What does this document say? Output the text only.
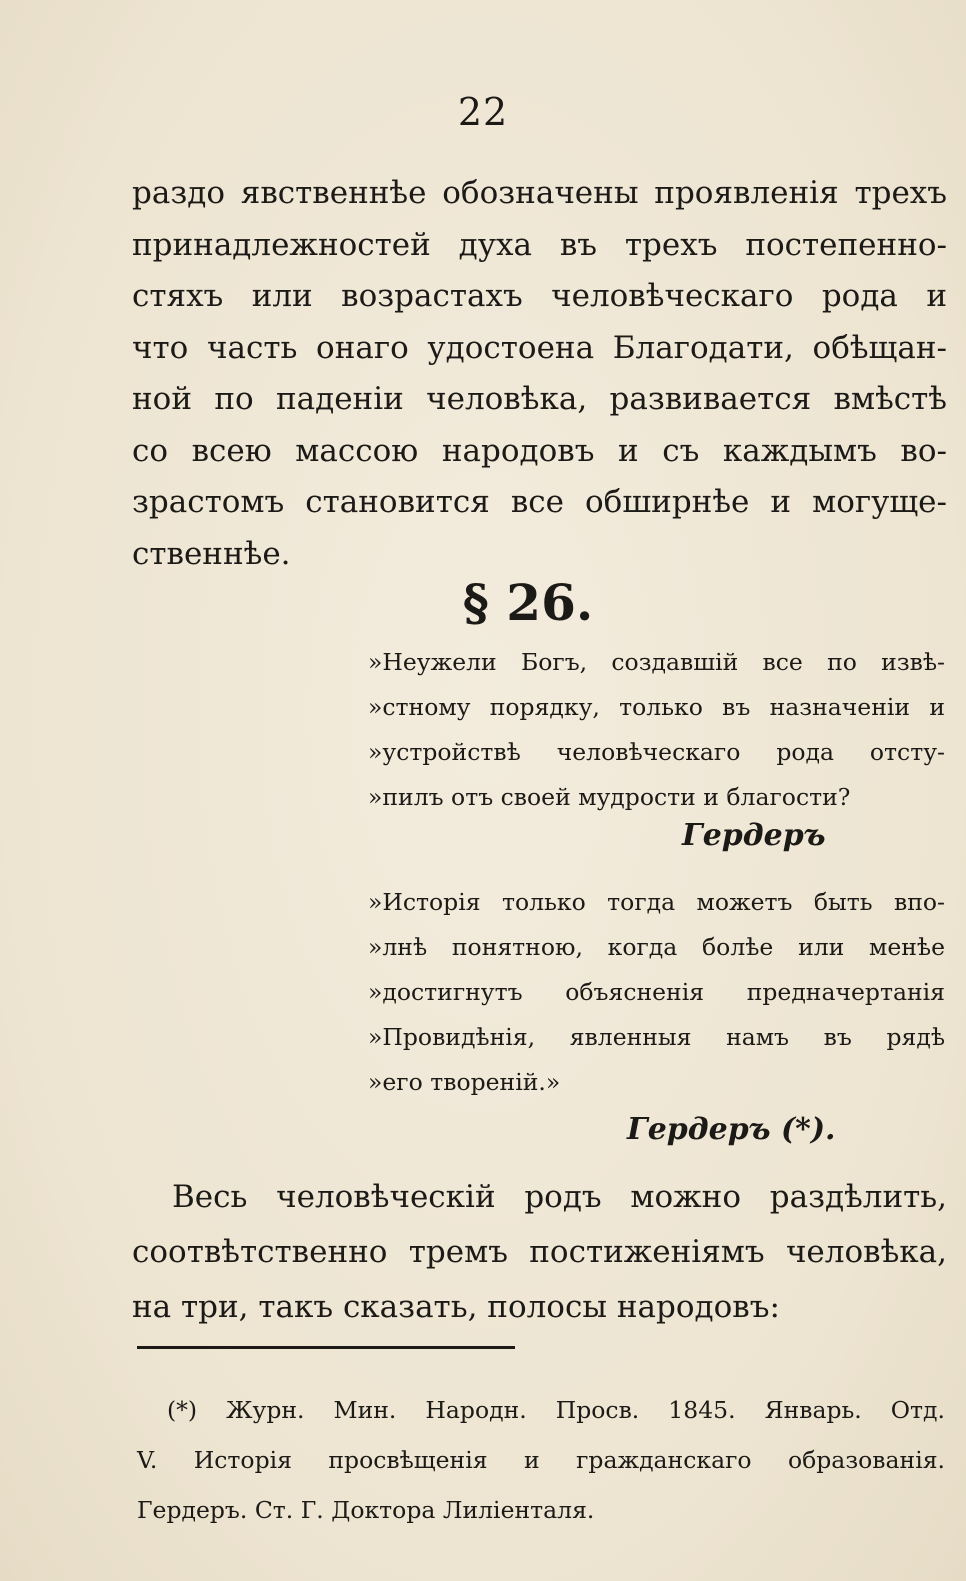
22
раздо явственнѣе обозначены проявленія трехъ
принадлежностей духа въ трехъ постепенно-
стяхъ или возрастахъ человѣческаго рода и
что часть онаго удостоена Благодати, обѣщан-
ной по паденіи человѣка, развивается вмѣстѣ
со всею массою народовъ и съ каждымъ во-
зрастомъ становится все обширнѣе и могуще-
ственнѣе.
§ 26.
»Неужели Богъ, создавшій все по извѣ-
»стному порядку, только въ назначеніи и
»устройствѣ человѣческаго рода отсту-
»пилъ отъ своей мудрости и благости?
Гердеръ
»Исторія только тогда можетъ быть впо-
»лнѣ понятною, когда болѣе или менѣе
»достигнутъ объясненія предначертанія
»Провидѣнія, явленныя намъ въ рядѣ
»его твореній.»
Гердеръ (*).
Весь человѣческій родъ можно раздѣлить,
соотвѣтственно тремъ постиженіямъ человѣка,
на три, такъ сказать, полосы народовъ:
(*) Журн. Мин. Народн. Просв. 1845. Январь. Отд.
V. Исторія просвѣщенія и гражданскаго образованія.
Гердеръ. Ст. Г. Доктора Лиліенталя.
